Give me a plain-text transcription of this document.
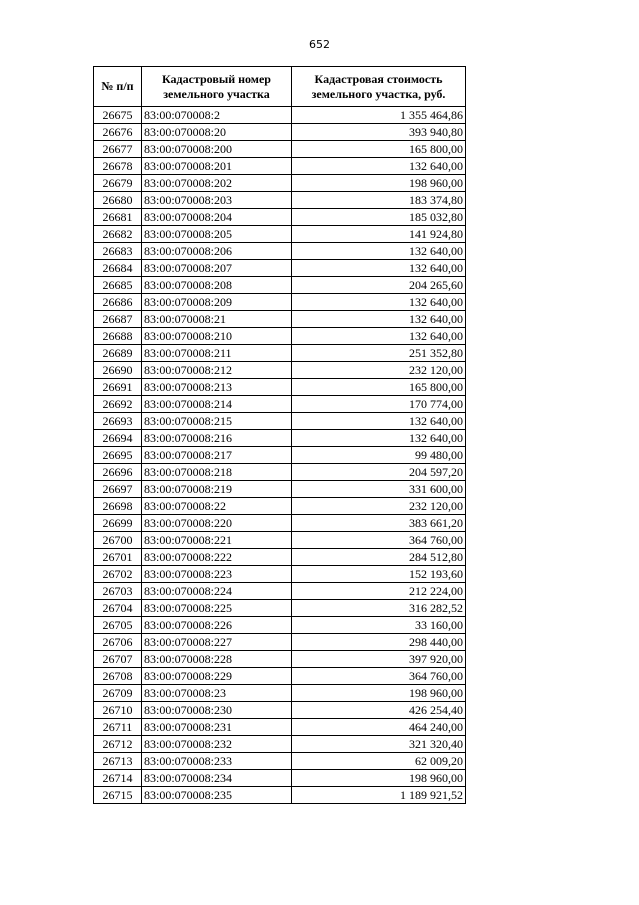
652
№ п/п	Кадастровый номер земельного участка	Кадастровая стоимость земельного участка, руб.
26675	83:00:070008:2	1 355 464,86
26676	83:00:070008:20	393 940,80
26677	83:00:070008:200	165 800,00
26678	83:00:070008:201	132 640,00
26679	83:00:070008:202	198 960,00
26680	83:00:070008:203	183 374,80
26681	83:00:070008:204	185 032,80
26682	83:00:070008:205	141 924,80
26683	83:00:070008:206	132 640,00
26684	83:00:070008:207	132 640,00
26685	83:00:070008:208	204 265,60
26686	83:00:070008:209	132 640,00
26687	83:00:070008:21	132 640,00
26688	83:00:070008:210	132 640,00
26689	83:00:070008:211	251 352,80
26690	83:00:070008:212	232 120,00
26691	83:00:070008:213	165 800,00
26692	83:00:070008:214	170 774,00
26693	83:00:070008:215	132 640,00
26694	83:00:070008:216	132 640,00
26695	83:00:070008:217	99 480,00
26696	83:00:070008:218	204 597,20
26697	83:00:070008:219	331 600,00
26698	83:00:070008:22	232 120,00
26699	83:00:070008:220	383 661,20
26700	83:00:070008:221	364 760,00
26701	83:00:070008:222	284 512,80
26702	83:00:070008:223	152 193,60
26703	83:00:070008:224	212 224,00
26704	83:00:070008:225	316 282,52
26705	83:00:070008:226	33 160,00
26706	83:00:070008:227	298 440,00
26707	83:00:070008:228	397 920,00
26708	83:00:070008:229	364 760,00
26709	83:00:070008:23	198 960,00
26710	83:00:070008:230	426 254,40
26711	83:00:070008:231	464 240,00
26712	83:00:070008:232	321 320,40
26713	83:00:070008:233	62 009,20
26714	83:00:070008:234	198 960,00
26715	83:00:070008:235	1 189 921,52
